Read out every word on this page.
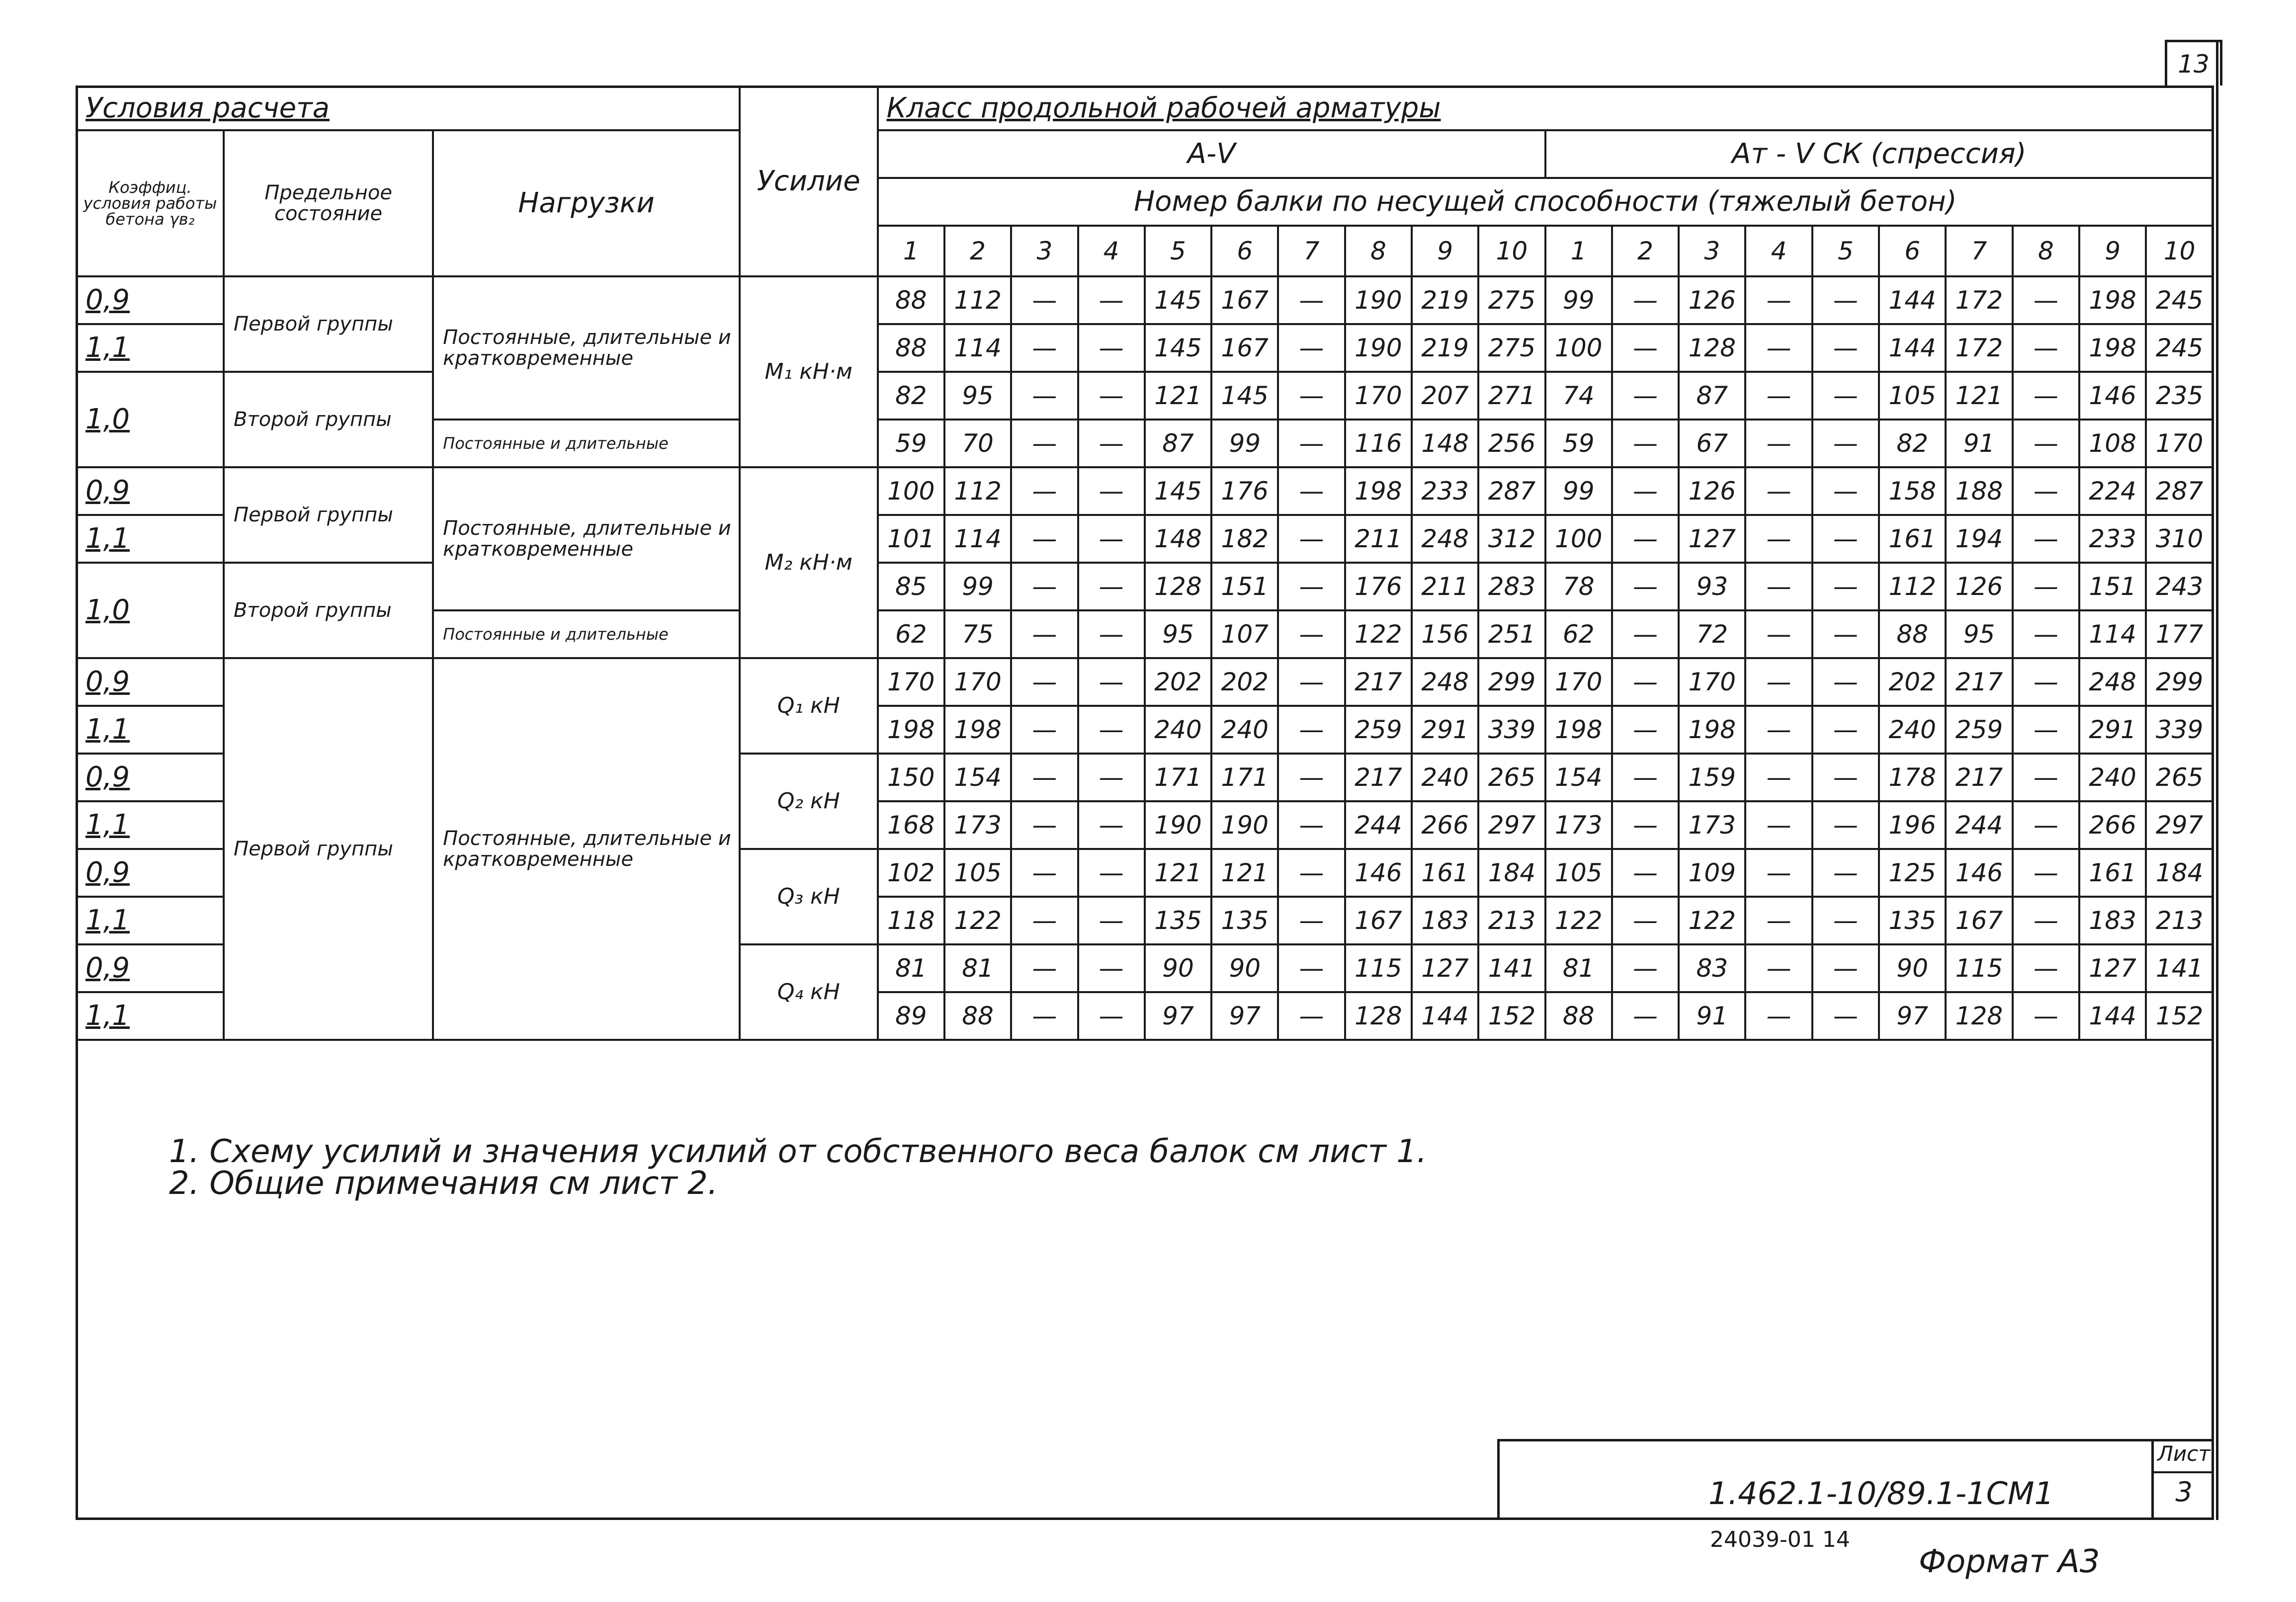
13
Условия расчета			Усилие	Класс продольной рабочей арматуры																			
Коэффиц. условия работы бетона γв₂	Предельное состояние	Нагрузки		А-Ⅴ										Ат - Ⅴ СК (спрессия)									
				Номер балки по несущей способности (тяжелый бетон)																			
				1	2	3	4	5	6	7	8	9	10	1	2	3	4	5	6	7	8	9	10
0,9	Первой группы	Постоянные, длительные и кратковременные	M₁ кН·м	88	112	—	—	145	167	—	190	219	275	99	—	126	—	—	144	172	—	198	245
1,1				88	114	—	—	145	167	—	190	219	275	100	—	128	—	—	144	172	—	198	245
1,0	Второй группы			82	95	—	—	121	145	—	170	207	271	74	—	87	—	—	105	121	—	146	235
		Постоянные и длительные		59	70	—	—	87	99	—	116	148	256	59	—	67	—	—	82	91	—	108	170
0,9	Первой группы	Постоянные, длительные и кратковременные	M₂ кН·м	100	112	—	—	145	176	—	198	233	287	99	—	126	—	—	158	188	—	224	287
1,1				101	114	—	—	148	182	—	211	248	312	100	—	127	—	—	161	194	—	233	310
1,0	Второй группы			85	99	—	—	128	151	—	176	211	283	78	—	93	—	—	112	126	—	151	243
		Постоянные и длительные		62	75	—	—	95	107	—	122	156	251	62	—	72	—	—	88	95	—	114	177
0,9	Первой группы	Постоянные, длительные и кратковременные	Q₁ кН	170	170	—	—	202	202	—	217	248	299	170	—	170	—	—	202	217	—	248	299
1,1				198	198	—	—	240	240	—	259	291	339	198	—	198	—	—	240	259	—	291	339
0,9			Q₂ кН	150	154	—	—	171	171	—	217	240	265	154	—	159	—	—	178	217	—	240	265
1,1				168	173	—	—	190	190	—	244	266	297	173	—	173	—	—	196	244	—	266	297
0,9			Q₃ кН	102	105	—	—	121	121	—	146	161	184	105	—	109	—	—	125	146	—	161	184
1,1				118	122	—	—	135	135	—	167	183	213	122	—	122	—	—	135	167	—	183	213
0,9			Q₄ кН	81	81	—	—	90	90	—	115	127	141	81	—	83	—	—	90	115	—	127	141
1,1				89	88	—	—	97	97	—	128	144	152	88	—	91	—	—	97	128	—	144	152
1. Схему усилий и значения усилий от собственного веса балок см лист 1.
2. Общие примечания см лист 2.
1.462.1-10/89.1-1СМ1
Лист
3
24039-01 14
Формат А3
